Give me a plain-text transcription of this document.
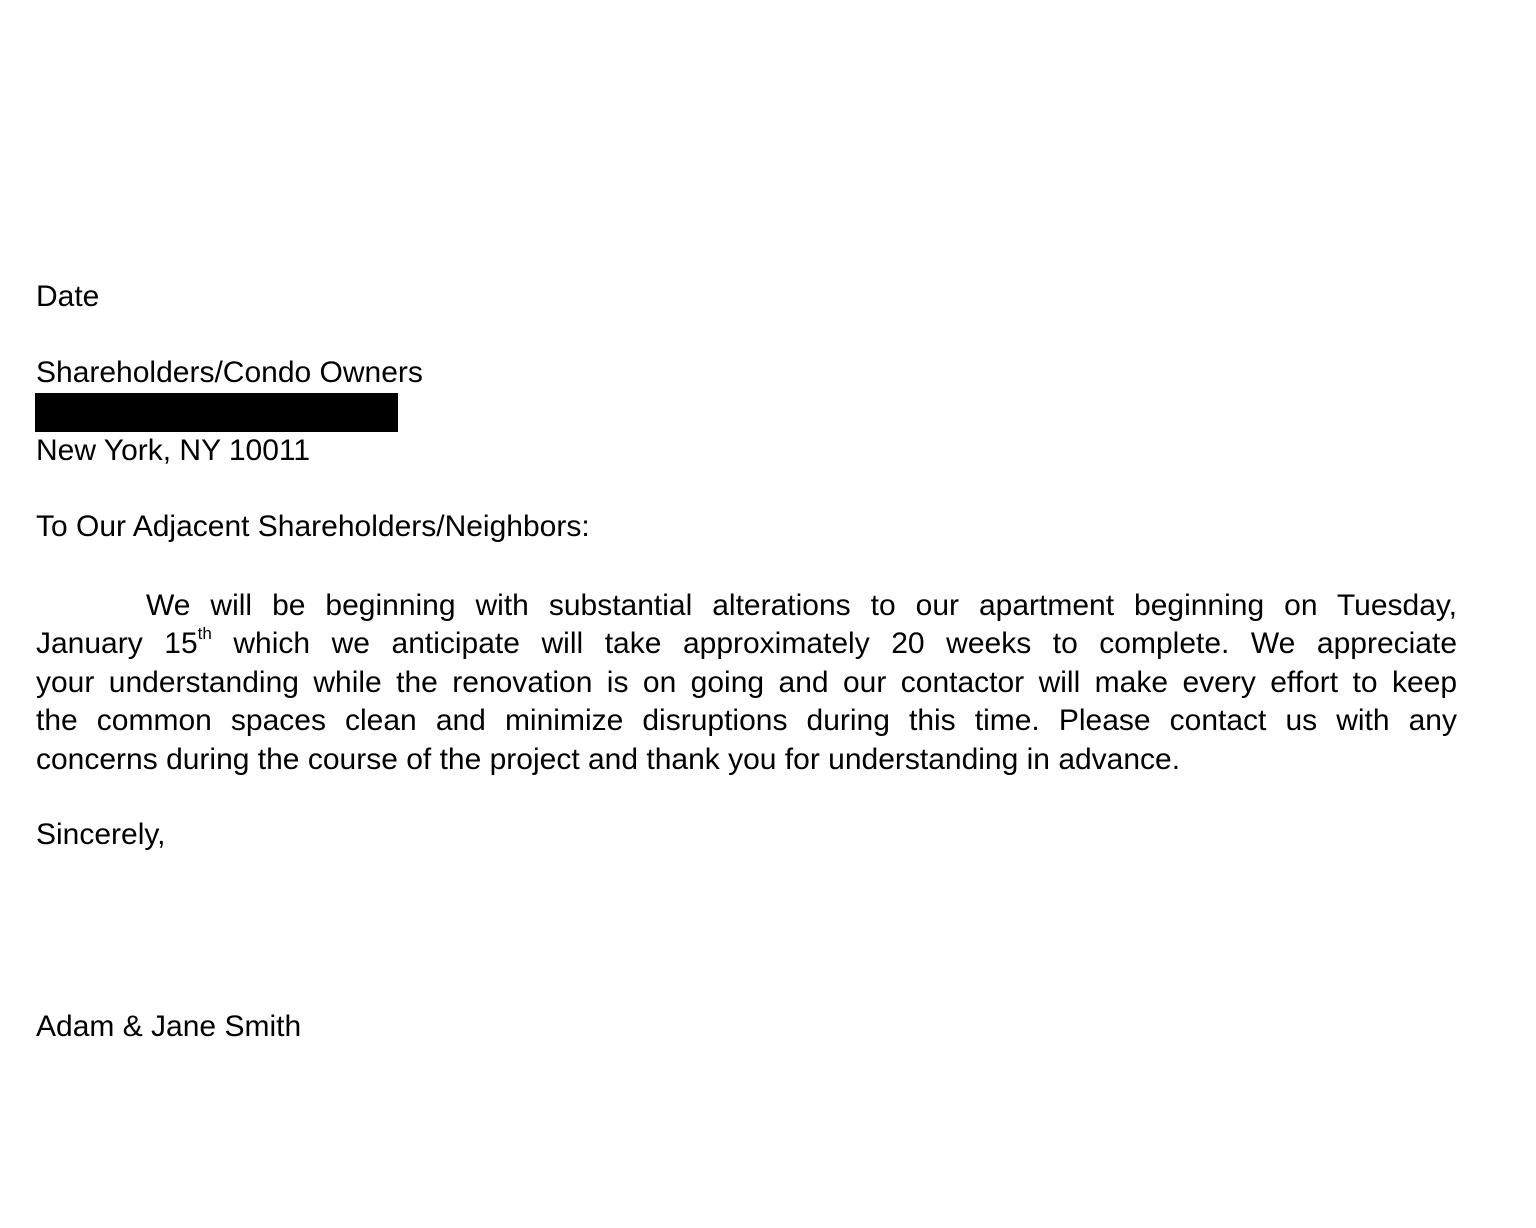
Date
Shareholders/Condo Owners
New York, NY 10011
To Our Adjacent Shareholders/Neighbors:
We will be beginning with substantial alterations to our apartment beginning on Tuesday,
January 15th which we anticipate will take approximately 20 weeks to complete. We appreciate
your understanding while the renovation is on going and our contactor will make every effort to keep
the common spaces clean and minimize disruptions during this time. Please contact us with any
concerns during the course of the project and thank you for understanding in advance.
Sincerely,
Adam & Jane Smith
